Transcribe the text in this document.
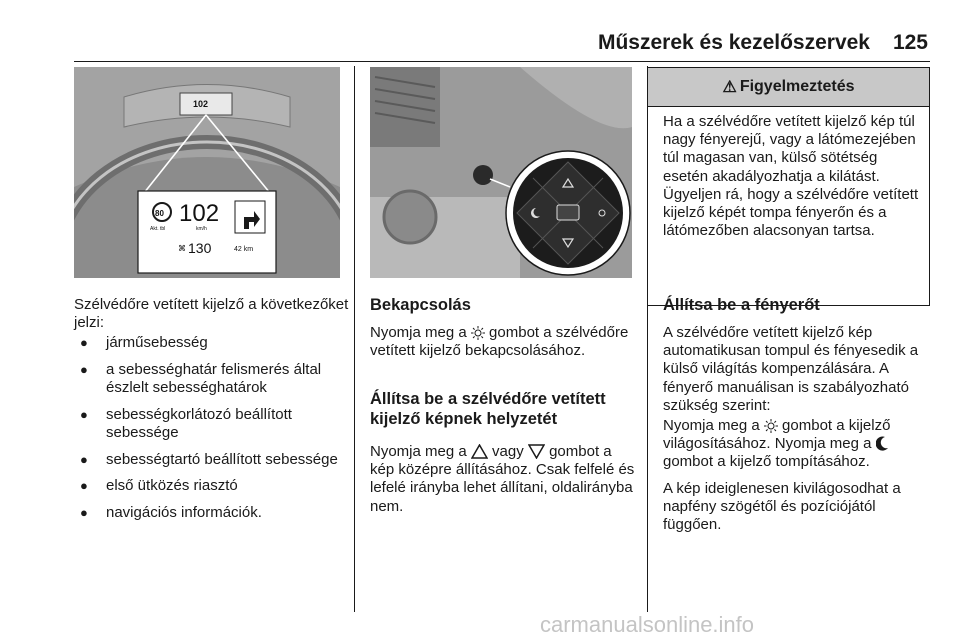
Műszerek és kezelőszervek	125
102
80
Akt. tbl
102
km/h
⌘ 130	42 km
Szélvédőre vetített kijelző a következőket jelzi:
● járműsebesség
● a sebességhatár felismerés által észlelt sebességhatárok
● sebességkorlátozó beállított sebessége
● sebességtartó beállított sebessége
● első ütközés riasztó
● navigációs információk.
Bekapcsolás
Nyomja meg a gombot a szélvédőre vetített kijelző bekapcsolásához.
Állítsa be a szélvédőre vetített kijelző képnek helyzetét
Nyomja meg a vagy gombot a kép középre állításához. Csak felfelé és lefelé irányba lehet állítani, oldalirányba nem.
⚠ Figyelmeztetés
Ha a szélvédőre vetített kijelző kép túl nagy fényerejű, vagy a látómezejében túl magasan van, külső sötétség esetén akadályozhatja a kilátást. Ügyeljen rá, hogy a szélvédőre vetített kijelző képét tompa fényerőn és a látómezőben alacsonyan tartsa.
Állítsa be a fényerőt
A szélvédőre vetített kijelző kép automatikusan tompul és fényesedik a külső világítás kompenzálására. A fényerő manuálisan is szabályozható szükség szerint:
Nyomja meg a gombot a kijelző világosításához. Nyomja meg a  gombot a kijelző tompításához.
A kép ideiglenesen kivilágosodhat a napfény szögétől és pozíciójától függően.
carmanualsonline.info
